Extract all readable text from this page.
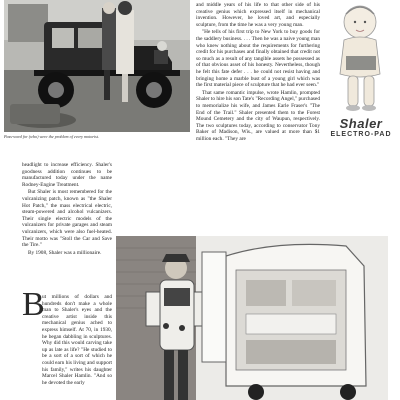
Pass-word for (who) were the problem of every motorist.

and middle years of his life to that other side of his creative genius which expressed itself in mechanical invention. However, he loved art, and especially sculpture, from the time he was a very young man.

"He tells of his first trip to New York to buy goods for the saddlery business. . . . Then he was a naive young man who knew nothing about the requirements for furthering credit for his purchases and finally obtained that credit not so much as a result of any tangible assets he possessed as of that obvious asset of his honesty. Nevertheless, though he felt this fate defer . . . he could not resist having and bringing home a marble bust of a young girl which was the first material piece of sculpture that he had ever seen."

That same romantic impulse, wrote Hamlin, prompted Shaler to hire his son Tate's "Recording Angel," purchased to memorialize his wife, and James Earle Fraser's "The End of the Trail." Shaler presented them to the Forest Mound Cemetery and the city of Waupun, respectively. The two sculptures today, according to conservator Tony Baker of Madison, Wis., are valued at more than $1 million each. "They are

Shaler
ELECTRO-PAD

headlight to increase efficiency. Shaler's goodness addition continues to be manufactured today under the name Rodney-Engine Treatment.

But Shaler is most remembered for the vulcanizing patch, known as "the Shaler Hot Patch," the mass electrical electric, steam-powered and alcohol vulcanizers. Their single electric models of the vulcanizers for private garages and steam vulcanizers, which were also fuel-heated. Their motto was "Stoll the Car and Save the Tire."

By 1908, Shaler was a millionaire.

B

ut millions of dollars and hundreds don't make a whole man to Shaler's eyes and the creative artist inside this mechanical genius ached to express himself. At 70, in 1930, he began dabbling in sculptures. Why did this would carving take up as late as life? "He studied to be a sort of a sort of which he could earn his living and support his family," writes his daughter Marcel Shaler Hamlin. "And so he devoted the early
